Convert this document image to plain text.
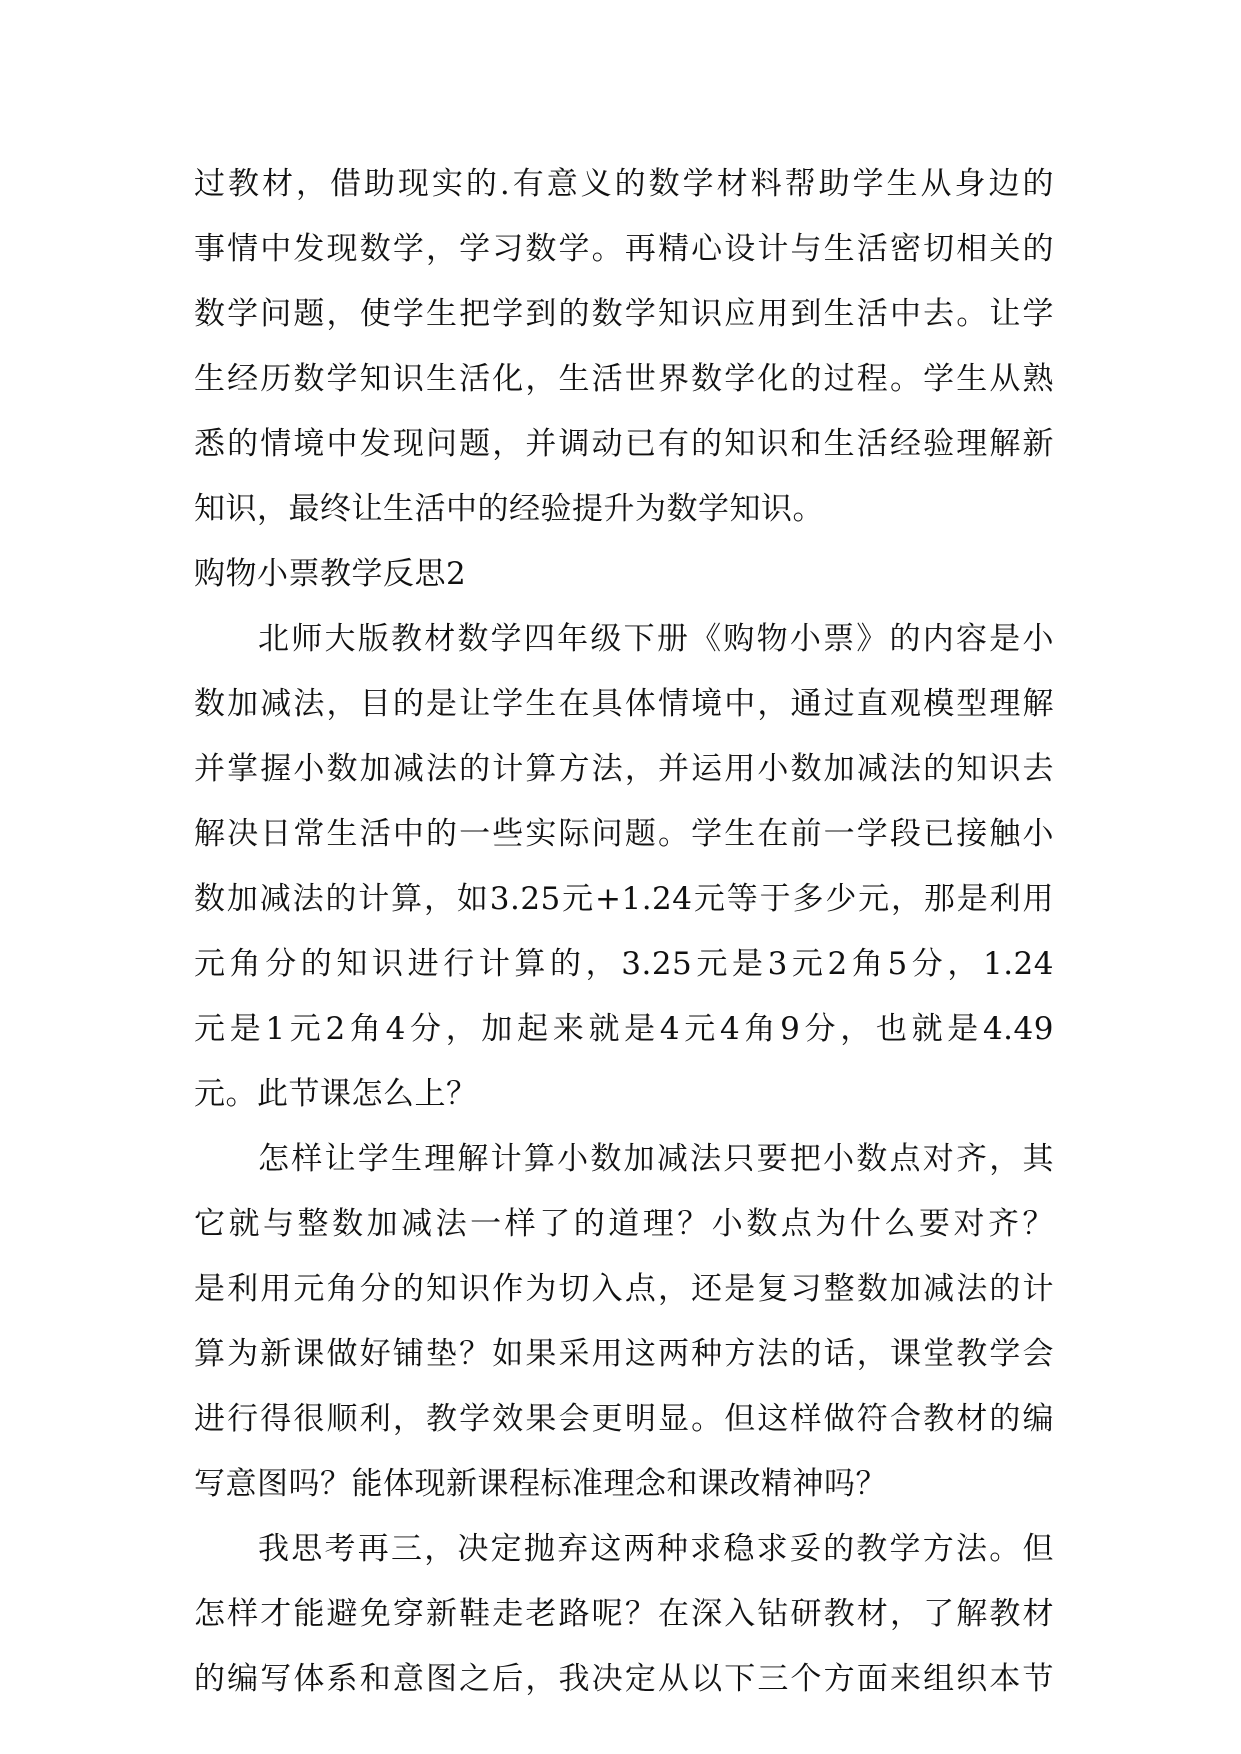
过教材，借助现实的.有意义的数学材料帮助学生从身边的
事情中发现数学，学习数学。再精心设计与生活密切相关的
数学问题，使学生把学到的数学知识应用到生活中去。让学
生经历数学知识生活化，生活世界数学化的过程。学生从熟
悉的情境中发现问题，并调动已有的知识和生活经验理解新
知识，最终让生活中的经验提升为数学知识。
购物小票教学反思2
北师大版教材数学四年级下册《购物小票》的内容是小
数加减法，目的是让学生在具体情境中，通过直观模型理解
并掌握小数加减法的计算方法，并运用小数加减法的知识去
解决日常生活中的一些实际问题。学生在前一学段已接触小
数加减法的计算，如3.25元+1.24元等于多少元，那是利用
元角分的知识进行计算的，3.25元是3元2角5分，1.24
元是1元2角4分，加起来就是4元4角9分，也就是4.49
元。此节课怎么上？
怎样让学生理解计算小数加减法只要把小数点对齐，其
它就与整数加减法一样了的道理？小数点为什么要对齐？
是利用元角分的知识作为切入点，还是复习整数加减法的计
算为新课做好铺垫？如果采用这两种方法的话，课堂教学会
进行得很顺利，教学效果会更明显。但这样做符合教材的编
写意图吗？能体现新课程标准理念和课改精神吗？
我思考再三，决定抛弃这两种求稳求妥的教学方法。但
怎样才能避免穿新鞋走老路呢？在深入钻研教材，了解教材
的编写体系和意图之后，我决定从以下三个方面来组织本节
